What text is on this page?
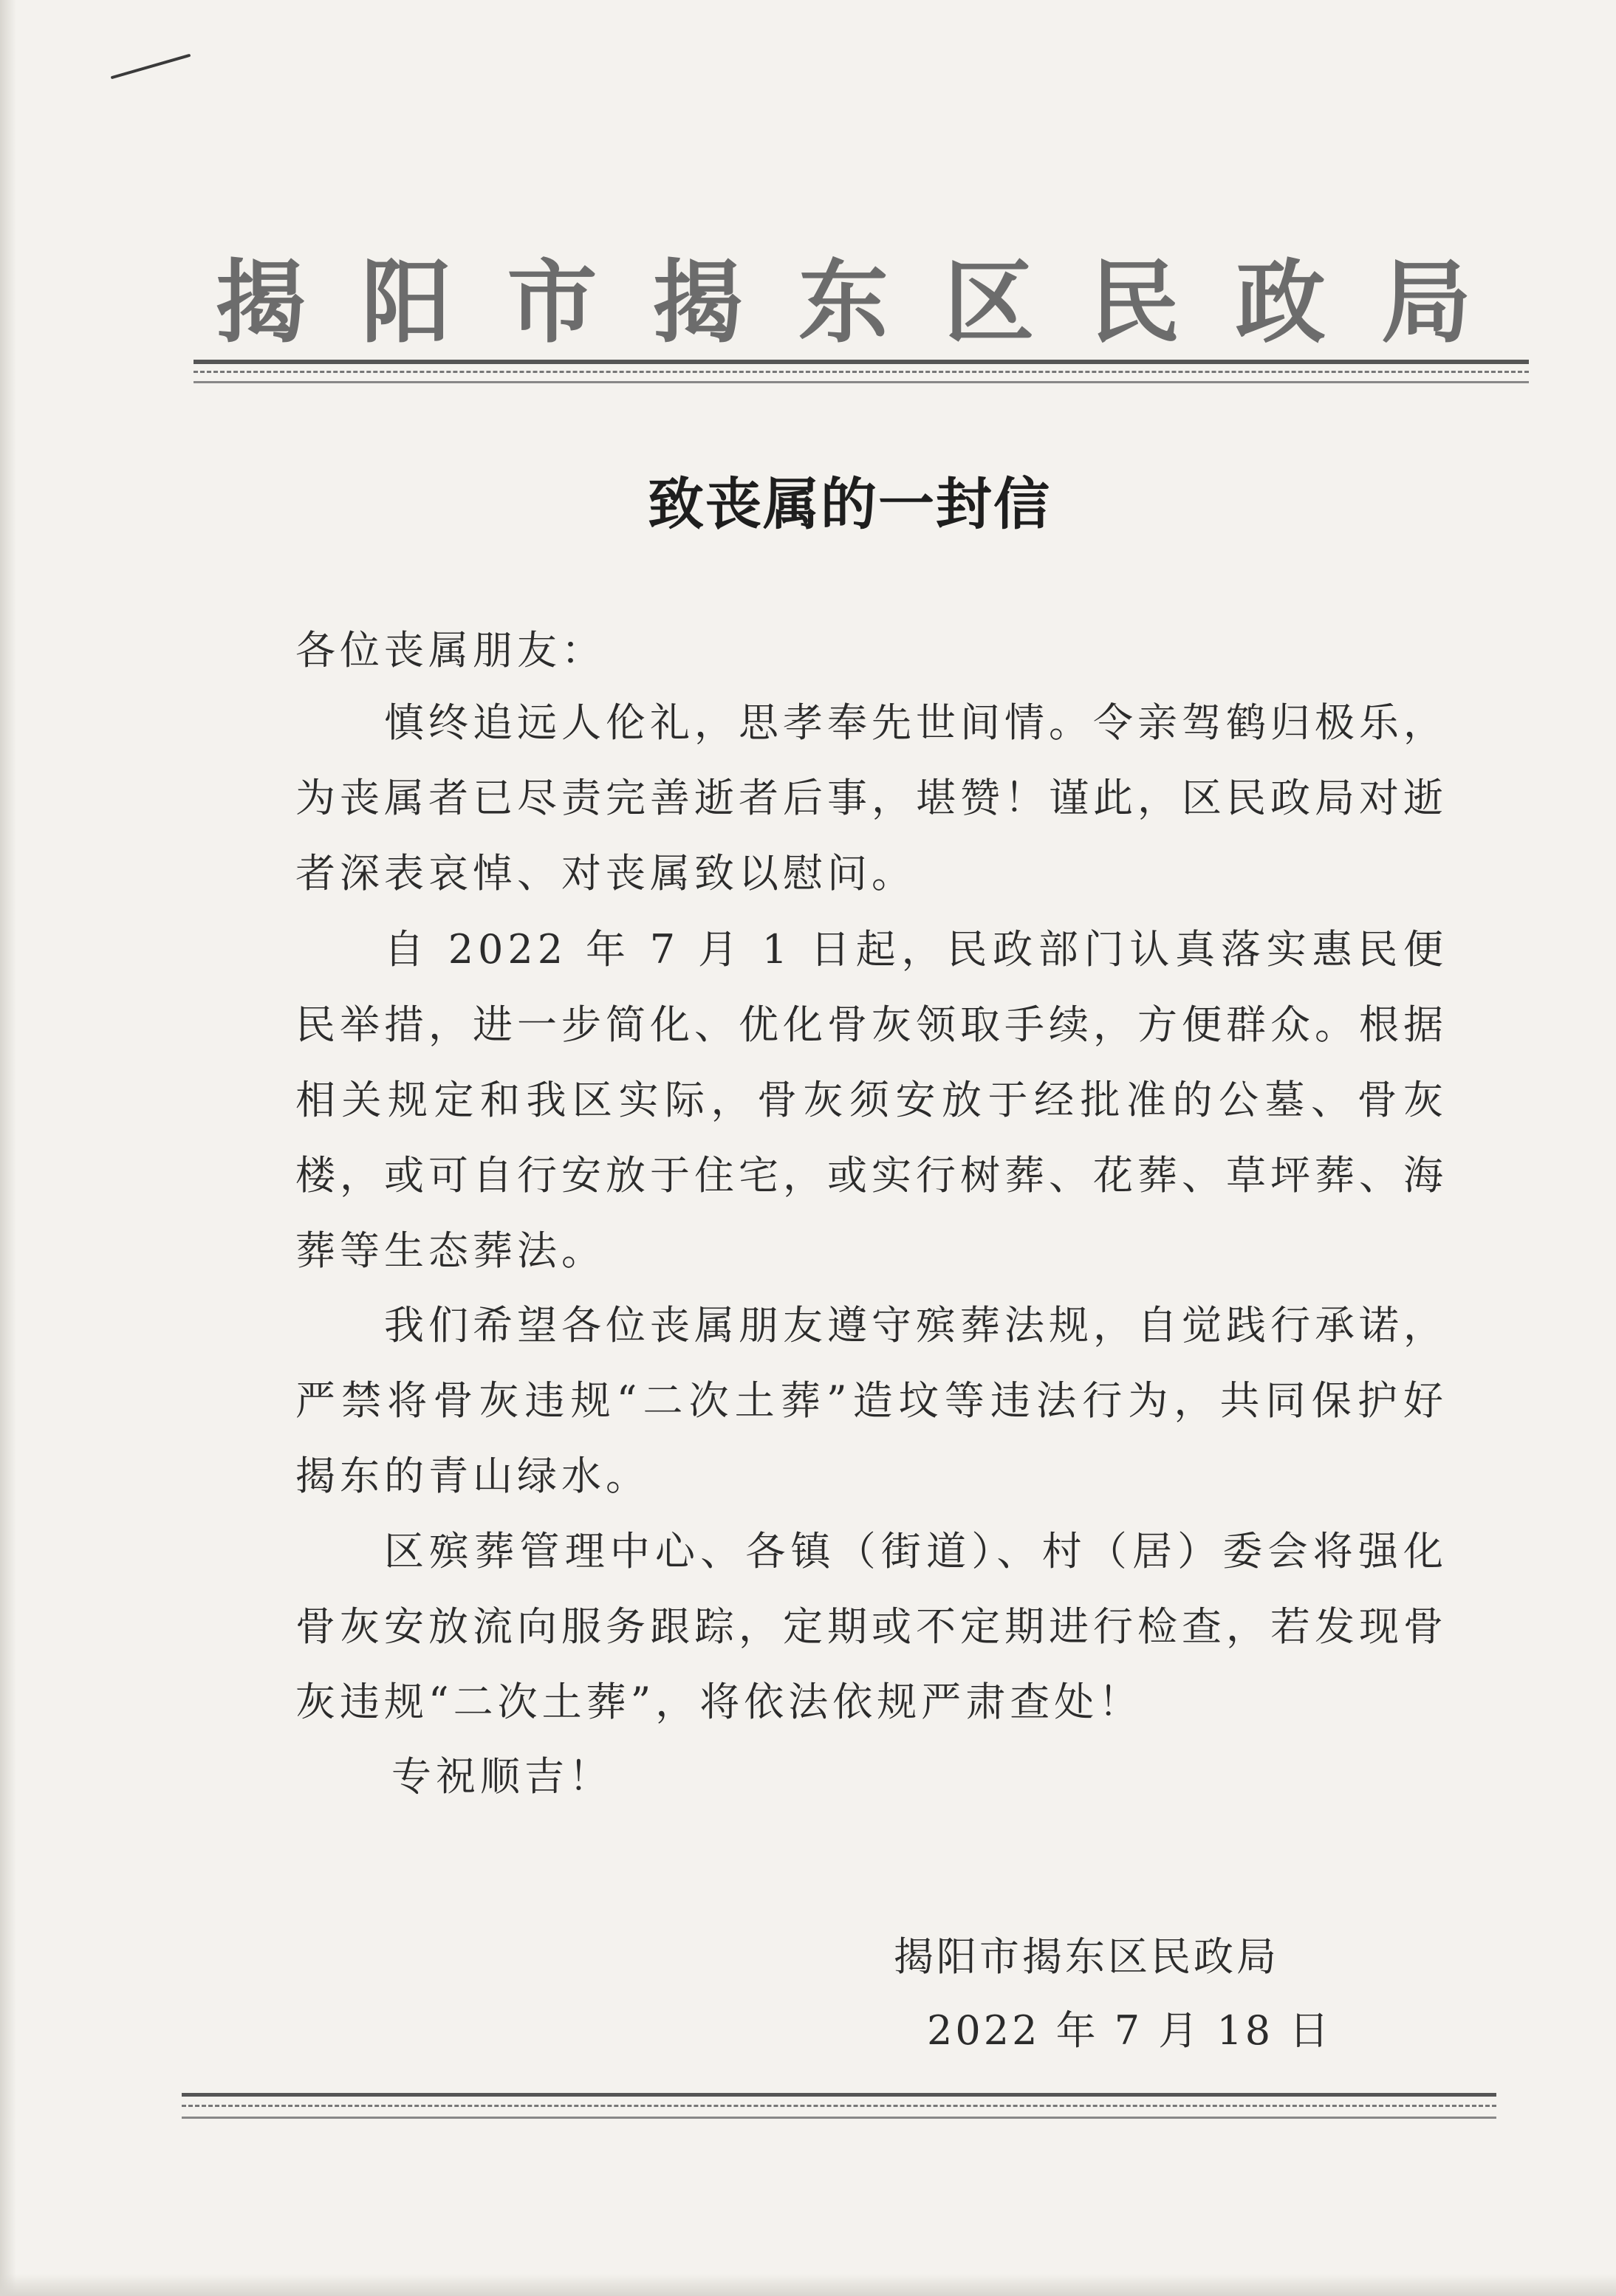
揭 阳 市 揭 东 区 民 政 局
致丧属的一封信
各位丧属朋友：

慎终追远人伦礼，思孝奉先世间情。令亲驾鹤归极乐，为丧属者已尽责完善逝者后事，堪赞！谨此，区民政局对逝者深表哀悼、对丧属致以慰问。

自 2022 年 7 月 1 日起，民政部门认真落实惠民便民举措，进一步简化、优化骨灰领取手续，方便群众。根据相关规定和我区实际，骨灰须安放于经批准的公墓、骨灰楼，或可自行安放于住宅，或实行树葬、花葬、草坪葬、海葬等生态葬法。

我们希望各位丧属朋友遵守殡葬法规，自觉践行承诺，严禁将骨灰违规“二次土葬”造坟等违法行为，共同保护好揭东的青山绿水。

区殡葬管理中心、各镇（街道）、村（居）委会将强化骨灰安放流向服务跟踪，定期或不定期进行检查，若发现骨灰违规“二次土葬”，将依法依规严肃查处！

专祝顺吉！
揭阳市揭东区民政局
2022 年 7 月 18 日
